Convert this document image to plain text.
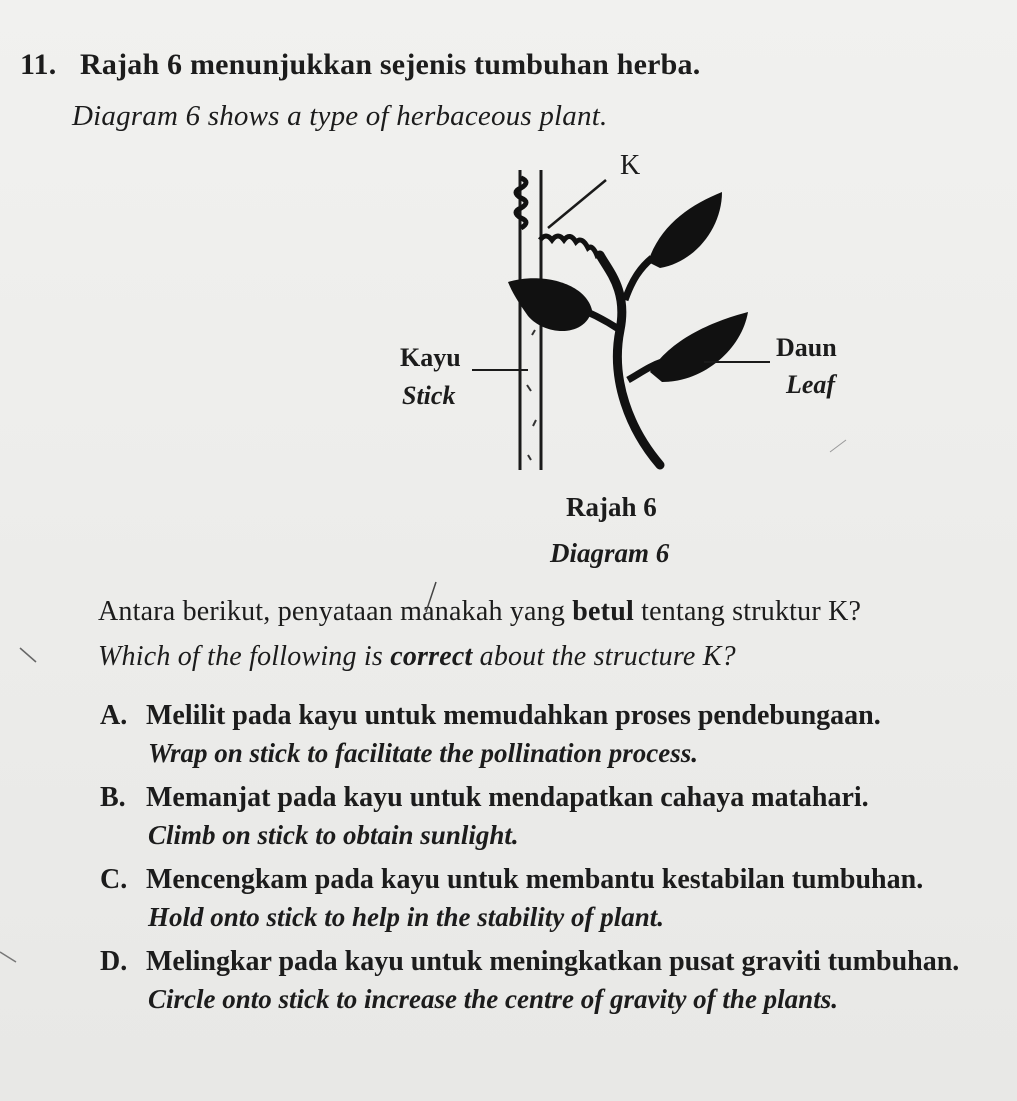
11. Rajah 6 menunjukkan sejenis tumbuhan herba.
Diagram 6 shows a type of herbaceous plant.
K
Kayu
Stick
Daun
Leaf
Rajah 6
Diagram 6
Antara berikut, penyataan manakah yang betul tentang struktur K?
Which of the following is correct about the structure K?
A. Melilit pada kayu untuk memudahkan proses pendebungaan.
Wrap on stick to facilitate the pollination process.
B. Memanjat pada kayu untuk mendapatkan cahaya matahari.
Climb on stick to obtain sunlight.
C. Mencengkam pada kayu untuk membantu kestabilan tumbuhan.
Hold onto stick to help in the stability of plant.
D. Melingkar pada kayu untuk meningkatkan pusat graviti tumbuhan.
Circle onto stick to increase the centre of gravity of the plants.
